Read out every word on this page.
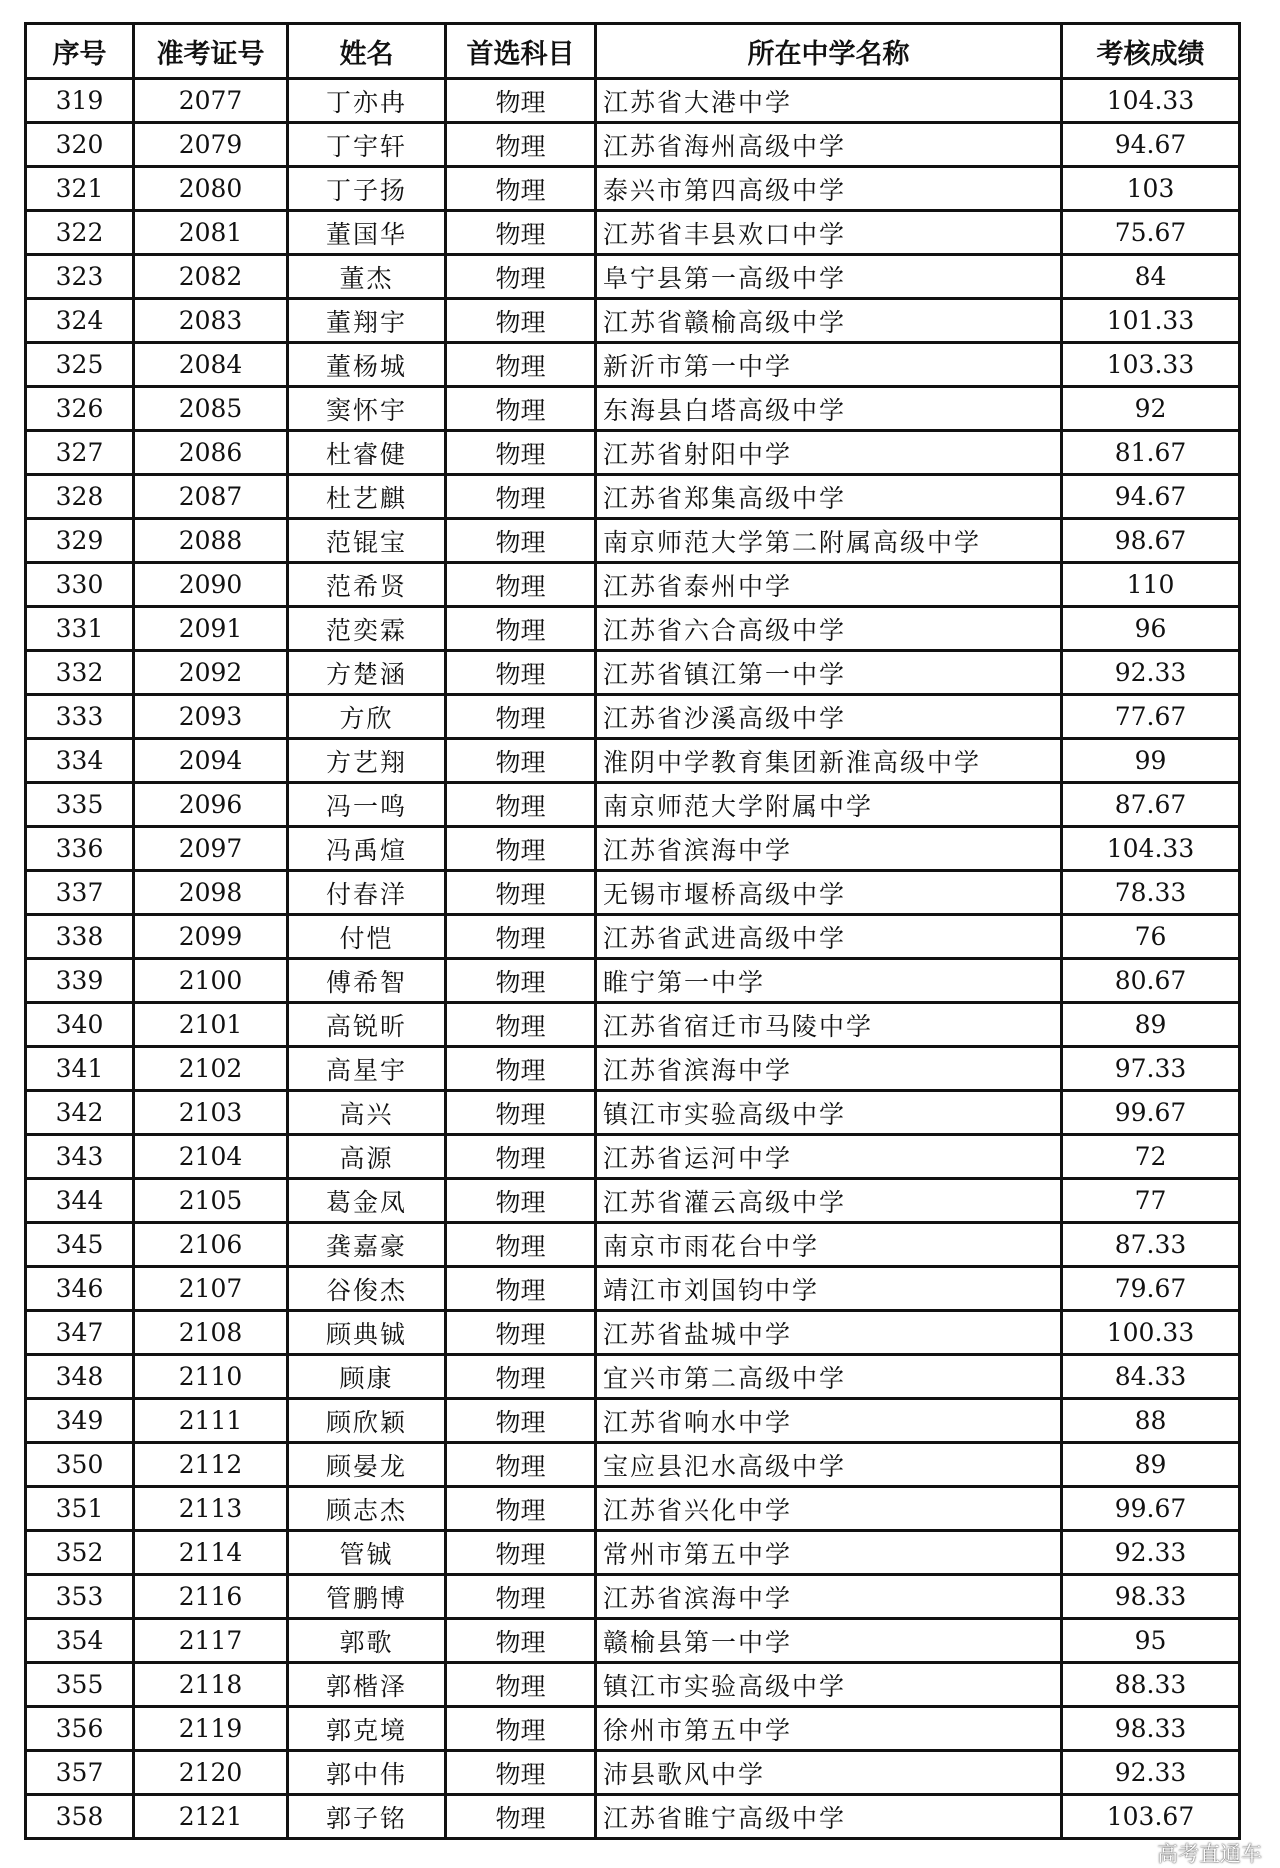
序号	准考证号	姓名	首选科目	所在中学名称	考核成绩
319	2077	丁亦冉	物理	江苏省大港中学	104.33
320	2079	丁宇轩	物理	江苏省海州高级中学	94.67
321	2080	丁子扬	物理	泰兴市第四高级中学	103
322	2081	董国华	物理	江苏省丰县欢口中学	75.67
323	2082	董杰	物理	阜宁县第一高级中学	84
324	2083	董翔宇	物理	江苏省赣榆高级中学	101.33
325	2084	董杨城	物理	新沂市第一中学	103.33
326	2085	窦怀宇	物理	东海县白塔高级中学	92
327	2086	杜睿健	物理	江苏省射阳中学	81.67
328	2087	杜艺麒	物理	江苏省郑集高级中学	94.67
329	2088	范锟宝	物理	南京师范大学第二附属高级中学	98.67
330	2090	范希贤	物理	江苏省泰州中学	110
331	2091	范奕霖	物理	江苏省六合高级中学	96
332	2092	方楚涵	物理	江苏省镇江第一中学	92.33
333	2093	方欣	物理	江苏省沙溪高级中学	77.67
334	2094	方艺翔	物理	淮阴中学教育集团新淮高级中学	99
335	2096	冯一鸣	物理	南京师范大学附属中学	87.67
336	2097	冯禹煊	物理	江苏省滨海中学	104.33
337	2098	付春洋	物理	无锡市堰桥高级中学	78.33
338	2099	付恺	物理	江苏省武进高级中学	76
339	2100	傅希智	物理	睢宁第一中学	80.67
340	2101	高锐昕	物理	江苏省宿迁市马陵中学	89
341	2102	高星宇	物理	江苏省滨海中学	97.33
342	2103	高兴	物理	镇江市实验高级中学	99.67
343	2104	高源	物理	江苏省运河中学	72
344	2105	葛金凤	物理	江苏省灌云高级中学	77
345	2106	龚嘉豪	物理	南京市雨花台中学	87.33
346	2107	谷俊杰	物理	靖江市刘国钧中学	79.67
347	2108	顾典铖	物理	江苏省盐城中学	100.33
348	2110	顾康	物理	宜兴市第二高级中学	84.33
349	2111	顾欣颖	物理	江苏省响水中学	88
350	2112	顾晏龙	物理	宝应县氾水高级中学	89
351	2113	顾志杰	物理	江苏省兴化中学	99.67
352	2114	管铖	物理	常州市第五中学	92.33
353	2116	管鹏博	物理	江苏省滨海中学	98.33
354	2117	郭歌	物理	赣榆县第一中学	95
355	2118	郭楷泽	物理	镇江市实验高级中学	88.33
356	2119	郭克境	物理	徐州市第五中学	98.33
357	2120	郭中伟	物理	沛县歌风中学	92.33
358	2121	郭子铭	物理	江苏省睢宁高级中学	103.67
高考直通车
